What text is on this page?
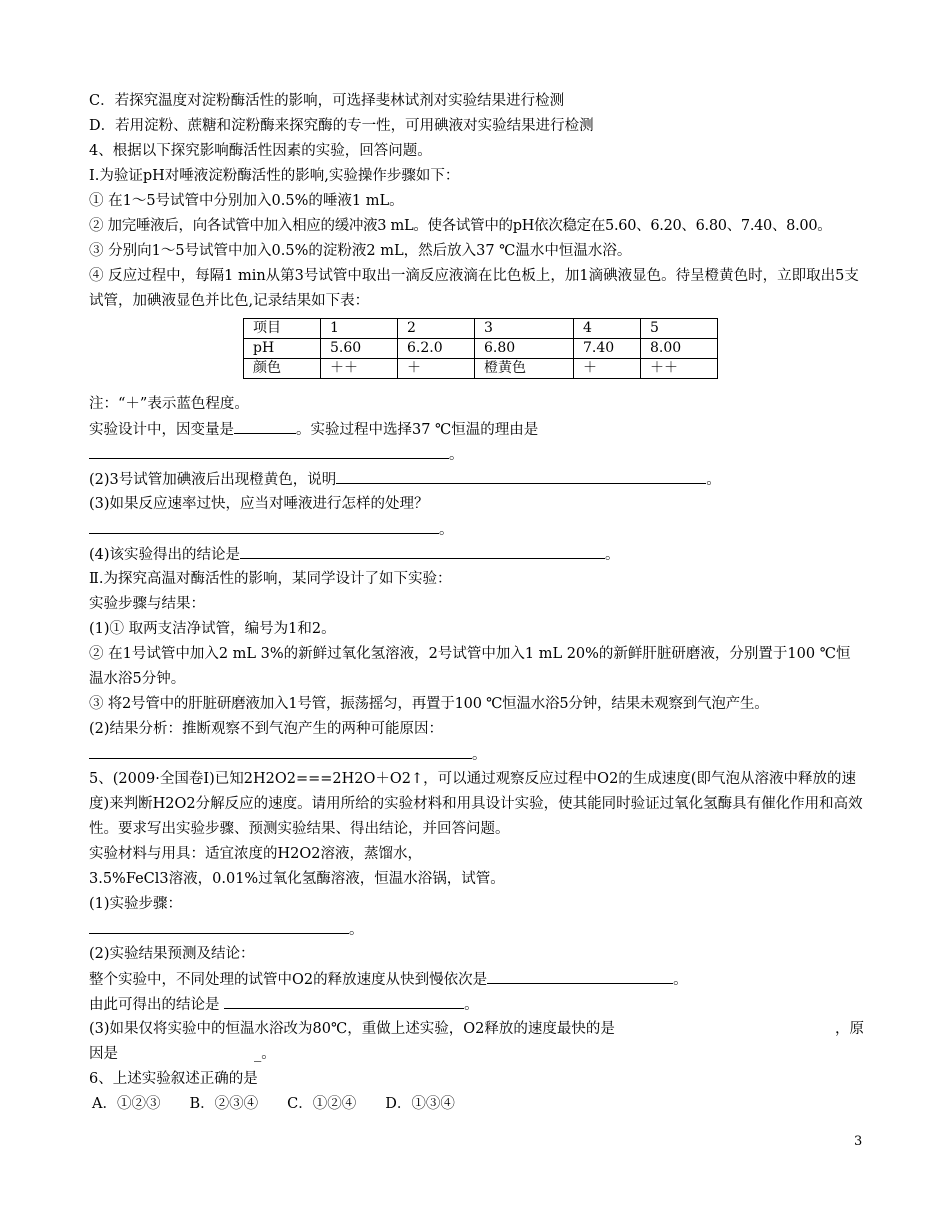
C．若探究温度对淀粉酶活性的影响，可选择斐林试剂对实验结果进行检测
D．若用淀粉、蔗糖和淀粉酶来探究酶的专一性，可用碘液对实验结果进行检测
4、根据以下探究影响酶活性因素的实验，回答问题。
Ⅰ.为验证pH对唾液淀粉酶活性的影响,实验操作步骤如下：
① 在1～5号试管中分别加入0.5%的唾液1 mL。
② 加完唾液后，向各试管中加入相应的缓冲液3 mL。使各试管中的pH依次稳定在5.60、6.20、6.80、7.40、8.00。
③ 分别向1～5号试管中加入0.5%的淀粉液2 mL，然后放入37 ℃温水中恒温水浴。
④ 反应过程中，每隔1 min从第3号试管中取出一滴反应液滴在比色板上，加1滴碘液显色。待呈橙黄色时，立即取出5支试管，加碘液显色并比色,记录结果如下表：
项目	1	2	3	4	5
pH	5.60	6.2.0	6.80	7.40	8.00
颜色	＋＋	＋	橙黄色	＋	＋＋
注：“＋”表示蓝色程度。
实验设计中，因变量是	。实验过程中选择37 ℃恒温的理由是
。
(2)3号试管加碘液后出现橙黄色，说明	。
(3)如果反应速率过快，应当对唾液进行怎样的处理？
。
(4)该实验得出的结论是	。
Ⅱ.为探究高温对酶活性的影响，某同学设计了如下实验：
实验步骤与结果：
(1)① 取两支洁净试管，编号为1和2。
② 在1号试管中加入2 mL 3%的新鲜过氧化氢溶液，2号试管中加入1 mL 20%的新鲜肝脏研磨液，分别置于100 ℃恒温水浴5分钟。
③ 将2号管中的肝脏研磨液加入1号管，振荡摇匀，再置于100 ℃恒温水浴5分钟，结果未观察到气泡产生。
(2)结果分析：推断观察不到气泡产生的两种可能原因：
。
5、(2009·全国卷Ⅰ)已知2H2O2===2H2O＋O2↑，可以通过观察反应过程中O2的生成速度(即气泡从溶液中释放的速度)来判断H2O2分解反应的速度。请用所给的实验材料和用具设计实验，使其能同时验证过氧化氢酶具有催化作用和高效性。要求写出实验步骤、预测实验结果、得出结论，并回答问题。
实验材料与用具：适宜浓度的H2O2溶液，蒸馏水，
3.5%FeCl3溶液，0.01%过氧化氢酶溶液，恒温水浴锅，试管。
(1)实验步骤：
。
(2)实验结果预测及结论：
整个实验中，不同处理的试管中O2的释放速度从快到慢依次是	。
由此可得出的结论是	。
(3)如果仅将实验中的恒温水浴改为80℃，重做上述实验，O2释放的速度最快的是	，原
因是	_。
6、上述实验叙述正确的是
A．①②③　　B．②③④　　C．①②④　　D．①③④
3
